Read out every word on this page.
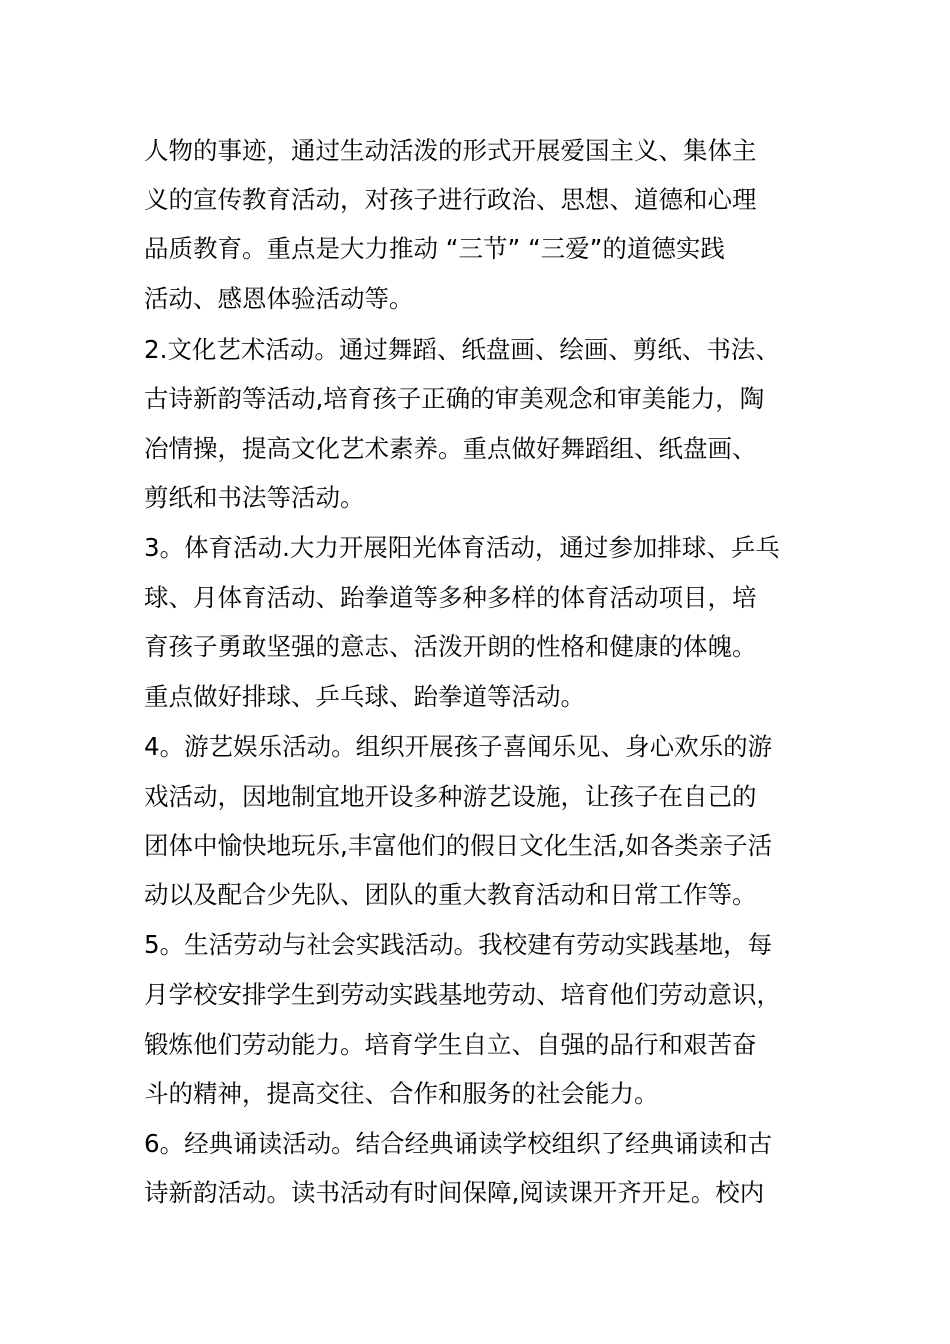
人物的事迹，通过生动活泼的形式开展爱国主义、集体主
义的宣传教育活动，对孩子进行政治、思想、道德和心理
品质教育。重点是大力推动 “三节” “三爱”的道德实践
活动、感恩体验活动等。
2.文化艺术活动。通过舞蹈、纸盘画、绘画、剪纸、书法、
古诗新韵等活动,培育孩子正确的审美观念和审美能力，陶
冶情操，提高文化艺术素养。重点做好舞蹈组、纸盘画、
剪纸和书法等活动。
3。体育活动.大力开展阳光体育活动，通过参加排球、乒乓
球、月体育活动、跆拳道等多种多样的体育活动项目，培
育孩子勇敢坚强的意志、活泼开朗的性格和健康的体魄。
重点做好排球、乒乓球、跆拳道等活动。
4。游艺娱乐活动。组织开展孩子喜闻乐见、身心欢乐的游
戏活动，因地制宜地开设多种游艺设施，让孩子在自己的
团体中愉快地玩乐,丰富他们的假日文化生活,如各类亲子活
动以及配合少先队、团队的重大教育活动和日常工作等。
5。生活劳动与社会实践活动。我校建有劳动实践基地，每
月学校安排学生到劳动实践基地劳动、培育他们劳动意识，
锻炼他们劳动能力。培育学生自立、自强的品行和艰苦奋
斗的精神，提高交往、合作和服务的社会能力。
6。经典诵读活动。结合经典诵读学校组织了经典诵读和古
诗新韵活动。读书活动有时间保障,阅读课开齐开足。校内
